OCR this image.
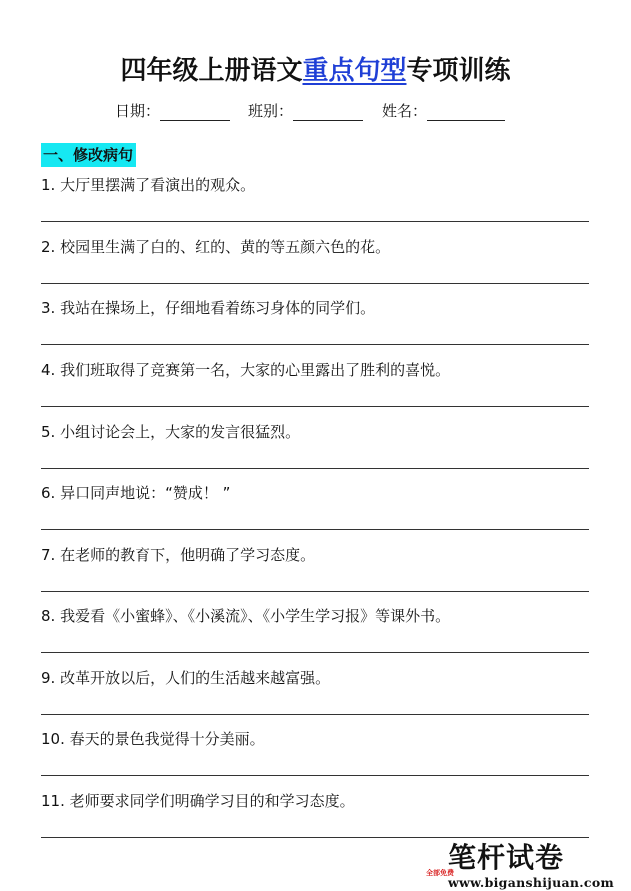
四年级上册语文重点句型专项训练
日期：	班别：	姓名：
一、修改病句
1. 大厅里摆满了看演出的观众。
2. 校园里生满了白的、红的、黄的等五颜六色的花。
3. 我站在操场上，仔细地看着练习身体的同学们。
4. 我们班取得了竞赛第一名，大家的心里露出了胜利的喜悦。
5. 小组讨论会上，大家的发言很猛烈。
6. 异口同声地说：“赞成！ ”
7. 在老师的教育下，他明确了学习态度。
8. 我爱看《小蜜蜂》、《小溪流》、《小学生学习报》等课外书。
9. 改革开放以后，人们的生活越来越富强。
10. 春天的景色我觉得十分美丽。
11. 老师要求同学们明确学习目的和学习态度。
全部免费
笔杆试卷
www.biganshijuan.com
